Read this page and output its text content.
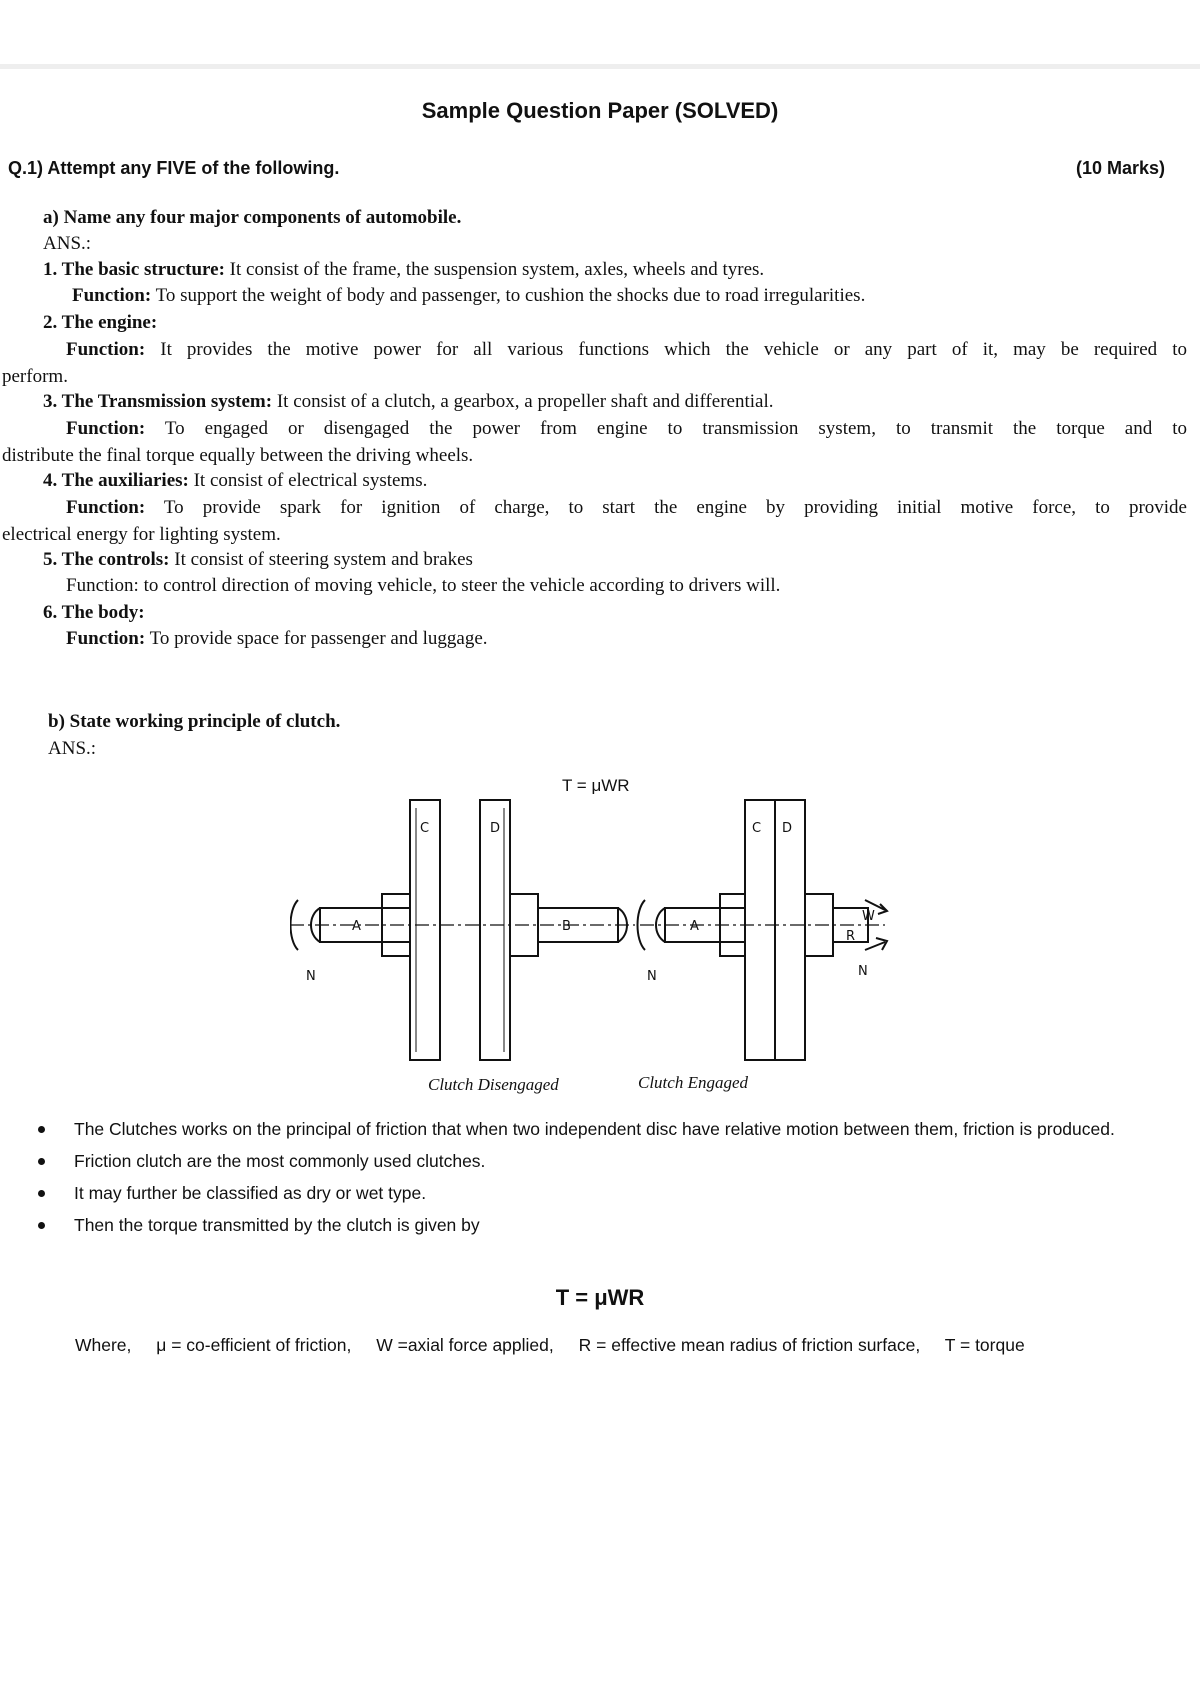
Sample Question Paper (SOLVED)
Q.1) Attempt any FIVE of the following.	(10 Marks)
a) Name any four major components of automobile.
ANS.:
1. The basic structure: It consist of the frame, the suspension system, axles, wheels and tyres.
Function: To support the weight of body and passenger, to cushion the shocks due to road irregularities.
2. The engine:
Function: It provides the motive power for all various functions which the vehicle or any part of it, may be required to
perform.
3. The Transmission system: It consist of a clutch, a gearbox, a propeller shaft and differential.
Function: To engaged or disengaged the power from engine to transmission system, to transmit the torque and to
distribute the final torque equally between the driving wheels.
4. The auxiliaries: It consist of electrical systems.
Function: To provide spark for ignition of charge, to start the engine by providing initial motive force, to provide
electrical energy for lighting system.
5. The controls: It consist of steering system and brakes
Function: to control direction of moving vehicle, to steer the vehicle according to drivers will.
6. The body:
Function: To provide space for passenger and luggage.
b) State working principle of clutch.
ANS.:
C	D
A	B
N
C D
A
N	N
W
R
T = μWR
Clutch Disengaged	Clutch Engaged
The Clutches works on the principal of friction that when two independent disc have relative motion between them, friction is produced.
Friction clutch are the most commonly used clutches.
It may further be classified as dry or wet type.
Then the torque transmitted by the clutch is given by
T = μWR
Where, μ = co-efficient of friction, W =axial force applied, R = effective mean radius of friction surface, T = torque
